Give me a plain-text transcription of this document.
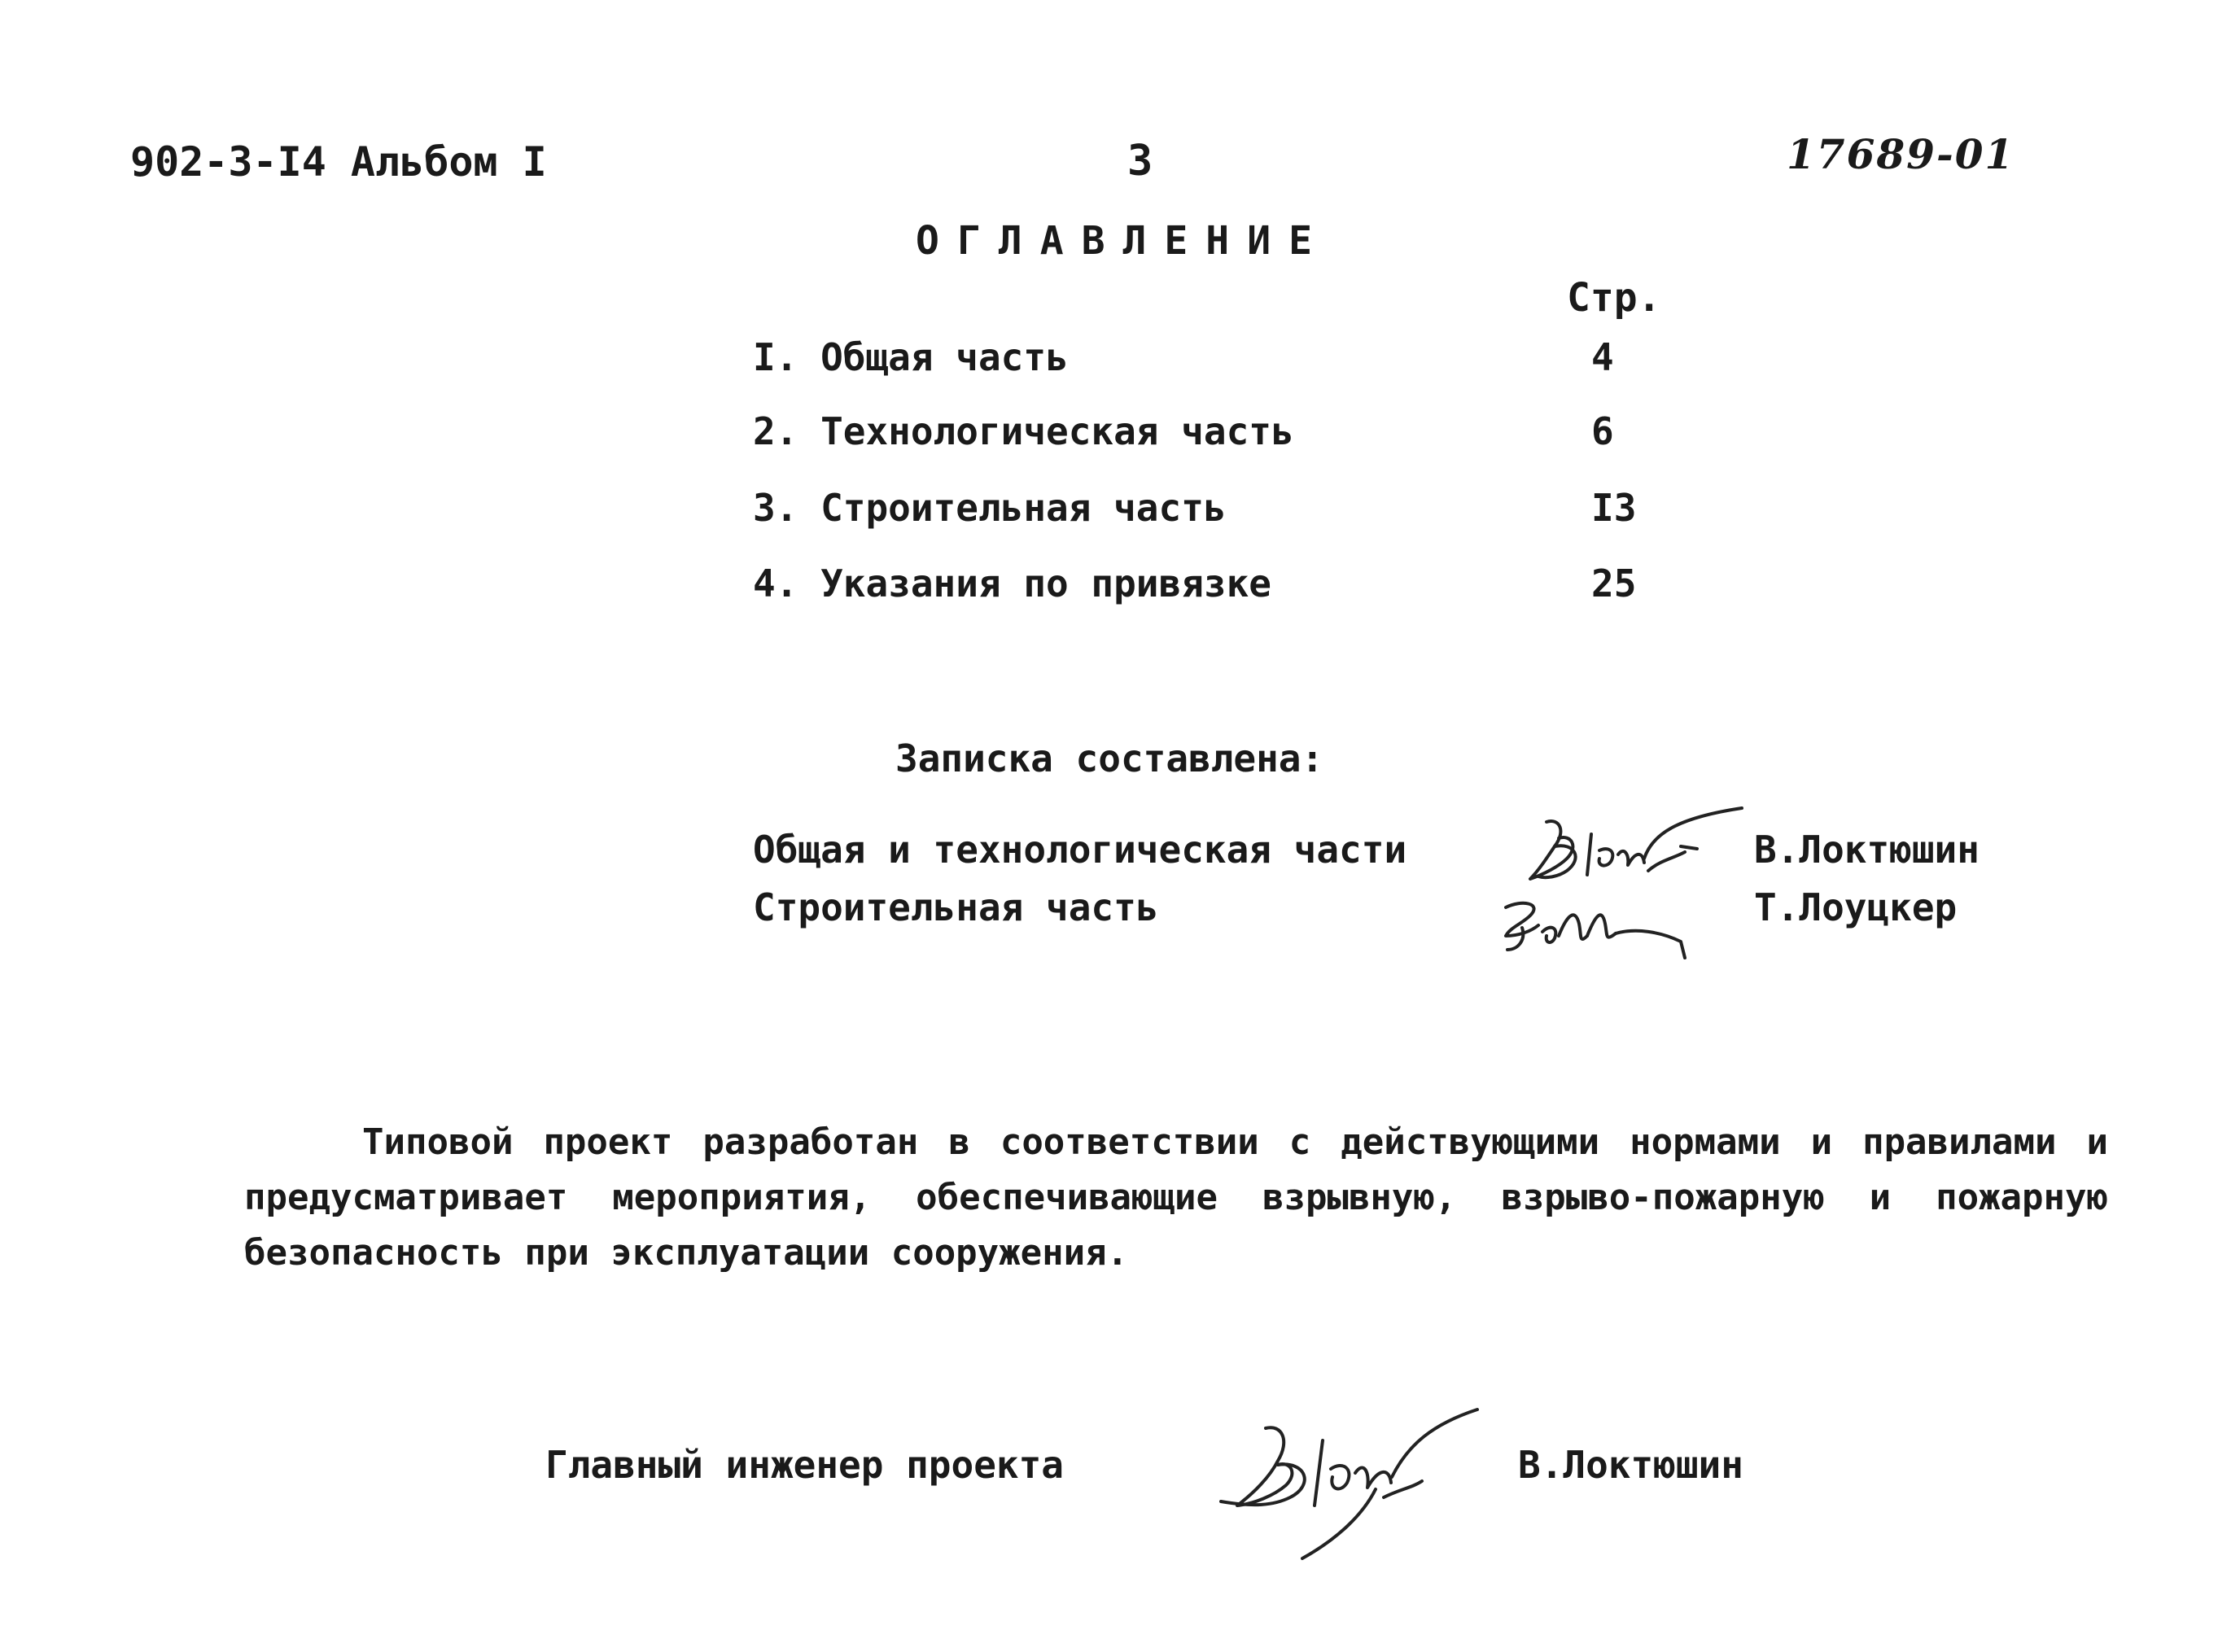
902-3-I4 Альбом I	3	17689-01
ОГЛАВЛЕНИЕ
Стр.
I. Общая часть	4
2. Технологическая часть	6
3. Строительная часть	I3
4. Указания по привязке	25
Записка составлена:
Общая и технологическая части	В.Локтюшин
Строительная часть	Т.Лоуцкер
Типовой проект разработан в соответствии с действующими нормами и правилами и предусматривает мероприятия, обеспечивающие взрывную, взрыво-пожарную и пожарную безопасность при эксплуатации сооружения.
Главный инженер проекта	В.Локтюшин
